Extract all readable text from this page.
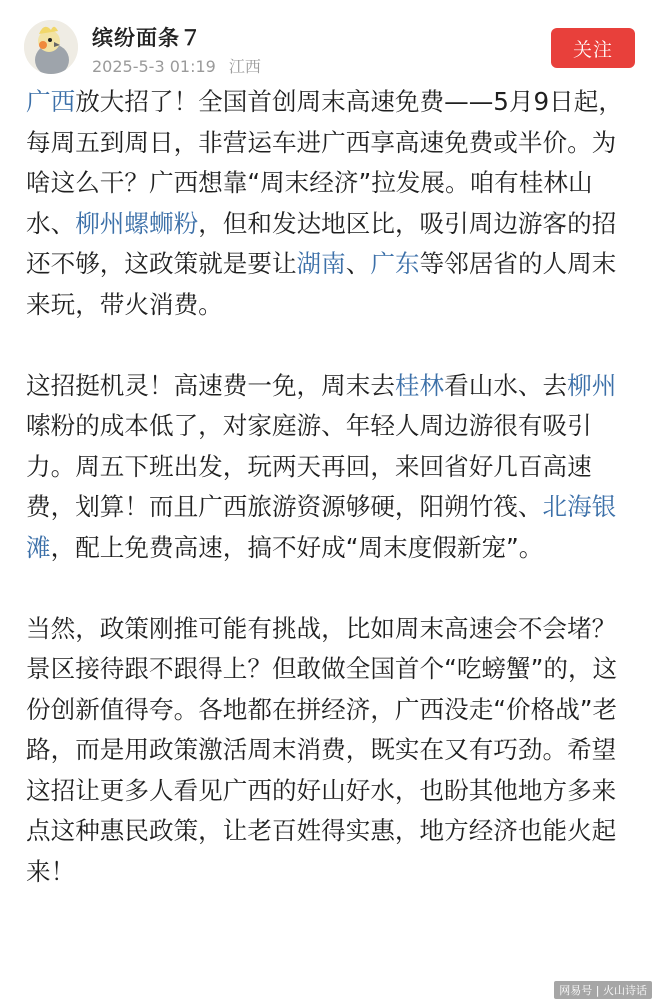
缤纷面条７
2025-5-3 01:19 江西
关注

广西放大招了！全国首创周末高速免费——5月9日起，每周五到周日，非营运车进广西享高速免费或半价。为啥这么干？广西想靠“周末经济”拉发展。咱有桂林山水、柳州螺蛳粉，但和发达地区比，吸引周边游客的招还不够，这政策就是要让湖南、广东等邻居省的人周末来玩，带火消费。

这招挺机灵！高速费一免，周末去桂林看山水、去柳州嗦粉的成本低了，对家庭游、年轻人周边游很有吸引力。周五下班出发，玩两天再回，来回省好几百高速费，划算！而且广西旅游资源够硬，阳朔竹筏、北海银滩，配上免费高速，搞不好成“周末度假新宠”。

当然，政策刚推可能有挑战，比如周末高速会不会堵？景区接待跟不跟得上？但敢做全国首个“吃螃蟹”的，这份创新值得夸。各地都在拼经济，广西没走“价格战”老路，而是用政策激活周末消费，既实在又有巧劲。希望这招让更多人看见广西的好山好水，也盼其他地方多来点这种惠民政策，让老百姓得实惠，地方经济也能火起来！

网易号 | 火山诗话
